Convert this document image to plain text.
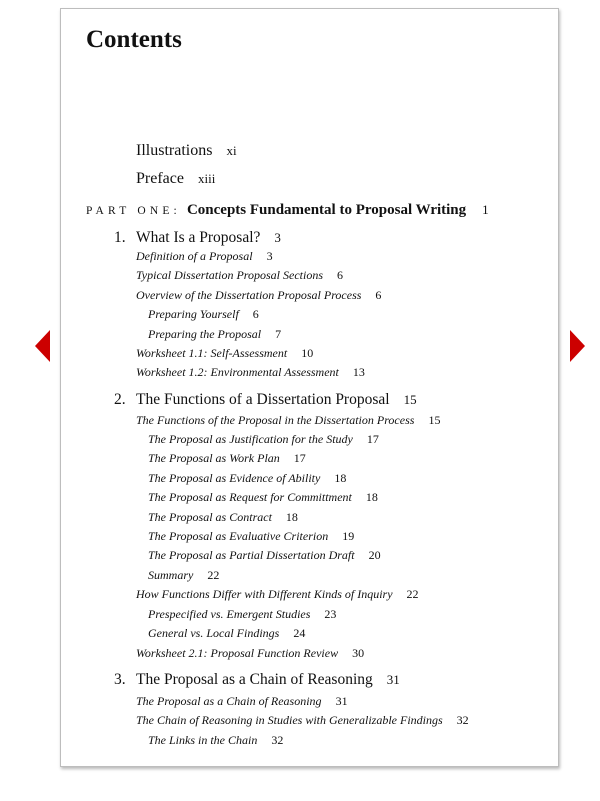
Contents
Illustrations xi
Preface xiii
PART ONE: Concepts Fundamental to Proposal Writing 1
1. What Is a Proposal? 3
Definition of a Proposal 3
Typical Dissertation Proposal Sections 6
Overview of the Dissertation Proposal Process 6
Preparing Yourself 6
Preparing the Proposal 7
Worksheet 1.1: Self-Assessment 10
Worksheet 1.2: Environmental Assessment 13
2. The Functions of a Dissertation Proposal 15
The Functions of the Proposal in the Dissertation Process 15
The Proposal as Justification for the Study 17
The Proposal as Work Plan 17
The Proposal as Evidence of Ability 18
The Proposal as Request for Committment 18
The Proposal as Contract 18
The Proposal as Evaluative Criterion 19
The Proposal as Partial Dissertation Draft 20
Summary 22
How Functions Differ with Different Kinds of Inquiry 22
Prespecified vs. Emergent Studies 23
General vs. Local Findings 24
Worksheet 2.1: Proposal Function Review 30
3. The Proposal as a Chain of Reasoning 31
The Proposal as a Chain of Reasoning 31
The Chain of Reasoning in Studies with Generalizable Findings 32
The Links in the Chain 32
